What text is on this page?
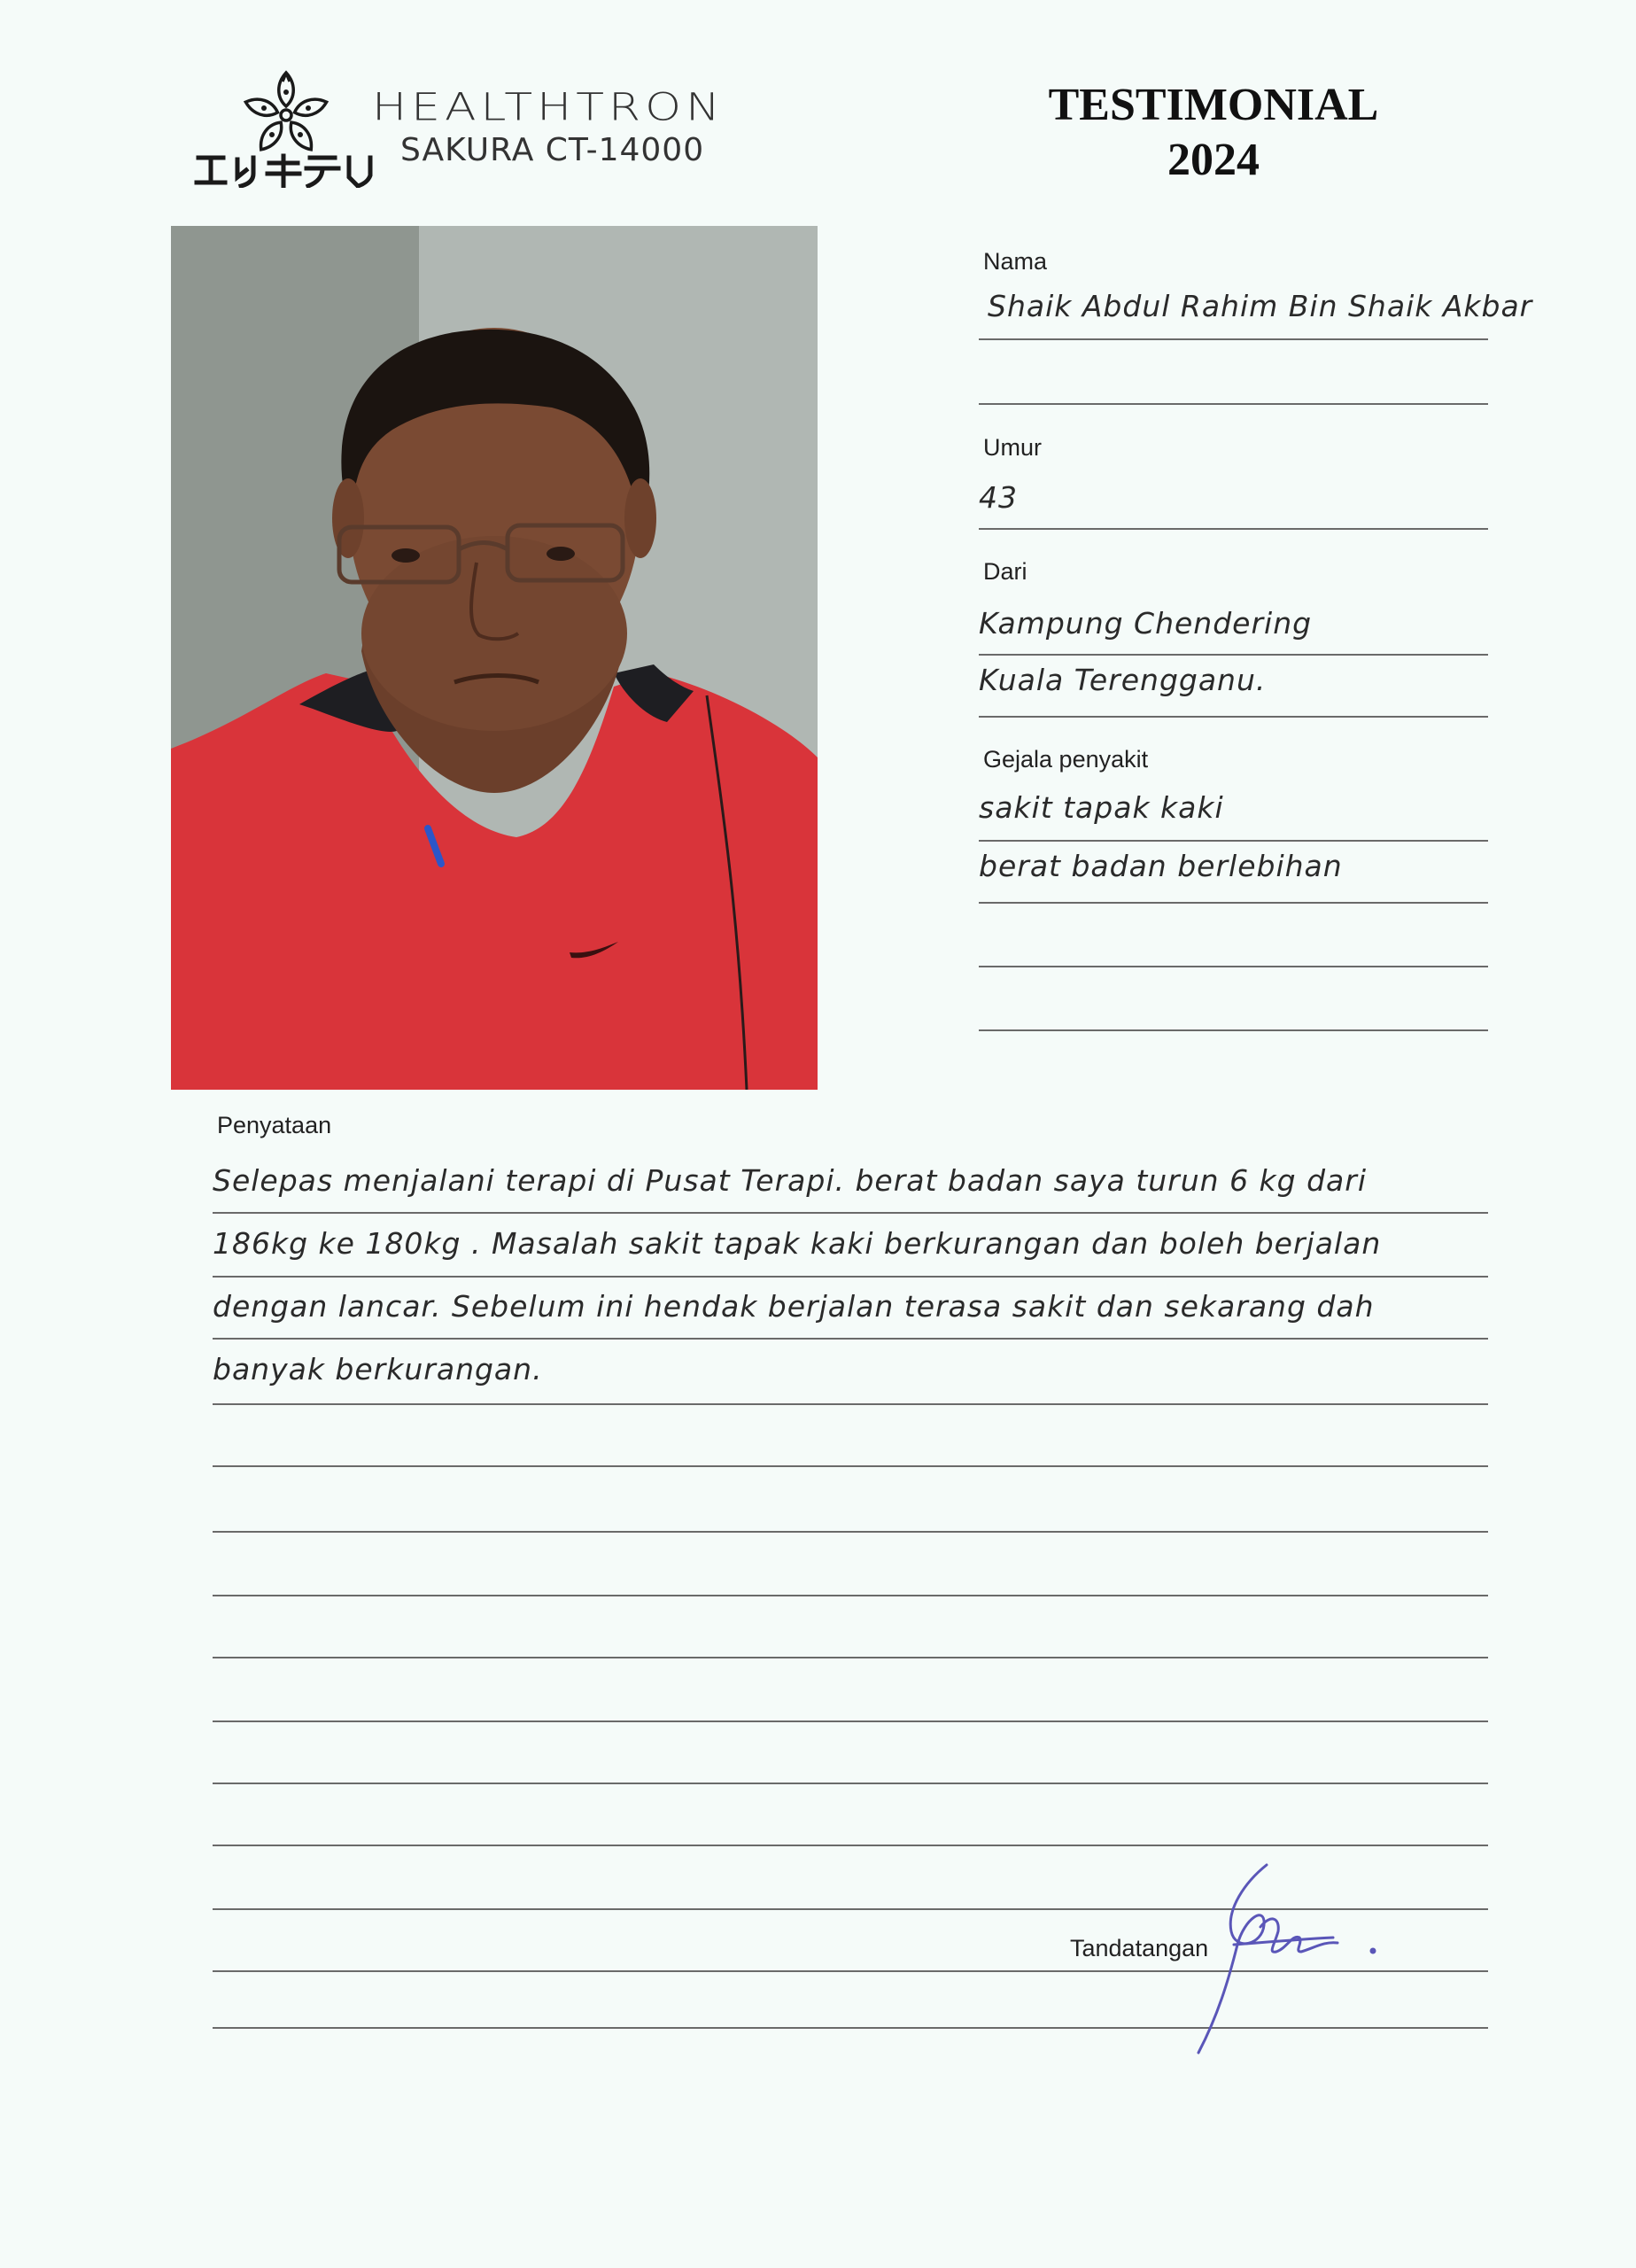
HEALTHTRON
SAKURA CT-14000
TESTIMONIAL
2024
Nama
Shaik Abdul Rahim Bin Shaik Akbar
Umur
43
Dari
Kampung Chendering
Kuala Terengganu.
Gejala penyakit
sakit tapak kaki
berat badan berlebihan
Penyataan
Selepas menjalani terapi di Pusat Terapi. berat badan saya turun 6 kg dari
186kg ke 180kg . Masalah sakit tapak kaki berkurangan dan boleh berjalan
dengan lancar. Sebelum ini hendak berjalan terasa sakit dan sekarang dah
banyak berkurangan.
Tandatangan
